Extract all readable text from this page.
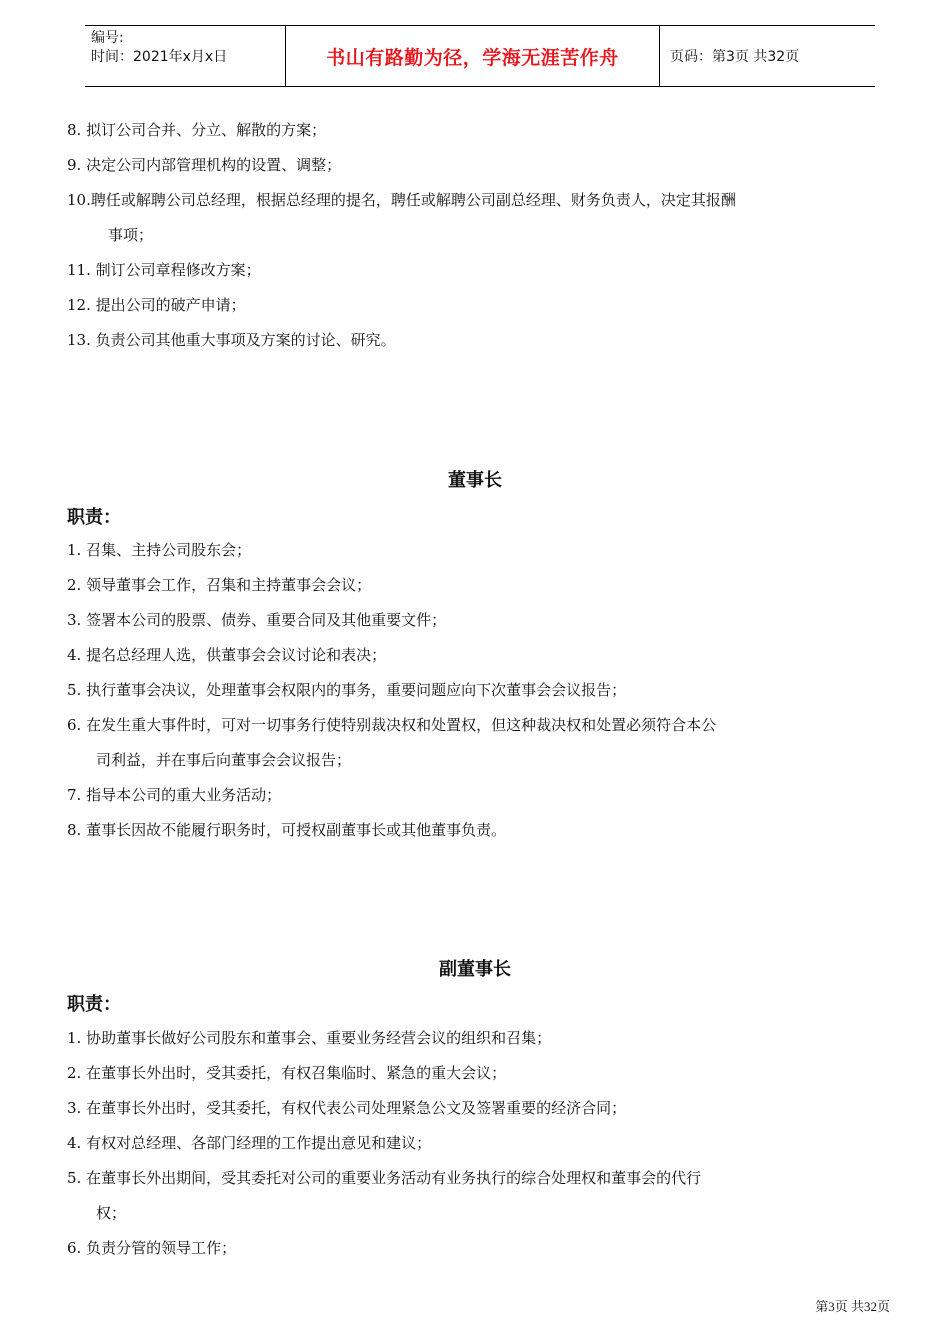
编号:
时间：2021年x月x日	书山有路勤为径，学海无涯苦作舟	页码：第3页 共32页
8. 拟订公司合并、分立、解散的方案；
9. 决定公司内部管理机构的设置、调整；
10.聘任或解聘公司总经理，根据总经理的提名，聘任或解聘公司副总经理、财务负责人，决定其报酬
事项；
11. 制订公司章程修改方案；
12. 提出公司的破产申请；
13. 负责公司其他重大事项及方案的讨论、研究。
董事长
职责：
1. 召集、主持公司股东会；
2. 领导董事会工作，召集和主持董事会会议；
3. 签署本公司的股票、债券、重要合同及其他重要文件；
4. 提名总经理人选，供董事会会议讨论和表决；
5. 执行董事会决议，处理董事会权限内的事务，重要问题应向下次董事会会议报告；
6. 在发生重大事件时，可对一切事务行使特别裁决权和处置权，但这种裁决权和处置必须符合本公
司利益，并在事后向董事会会议报告；
7. 指导本公司的重大业务活动；
8. 董事长因故不能履行职务时，可授权副董事长或其他董事负责。
副董事长
职责：
1. 协助董事长做好公司股东和董事会、重要业务经营会议的组织和召集；
2. 在董事长外出时，受其委托，有权召集临时、紧急的重大会议；
3. 在董事长外出时，受其委托，有权代表公司处理紧急公文及签署重要的经济合同；
4. 有权对总经理、各部门经理的工作提出意见和建议；
5. 在董事长外出期间，受其委托对公司的重要业务活动有业务执行的综合处理权和董事会的代行
权；
6. 负责分管的领导工作；
第3页 共32页
